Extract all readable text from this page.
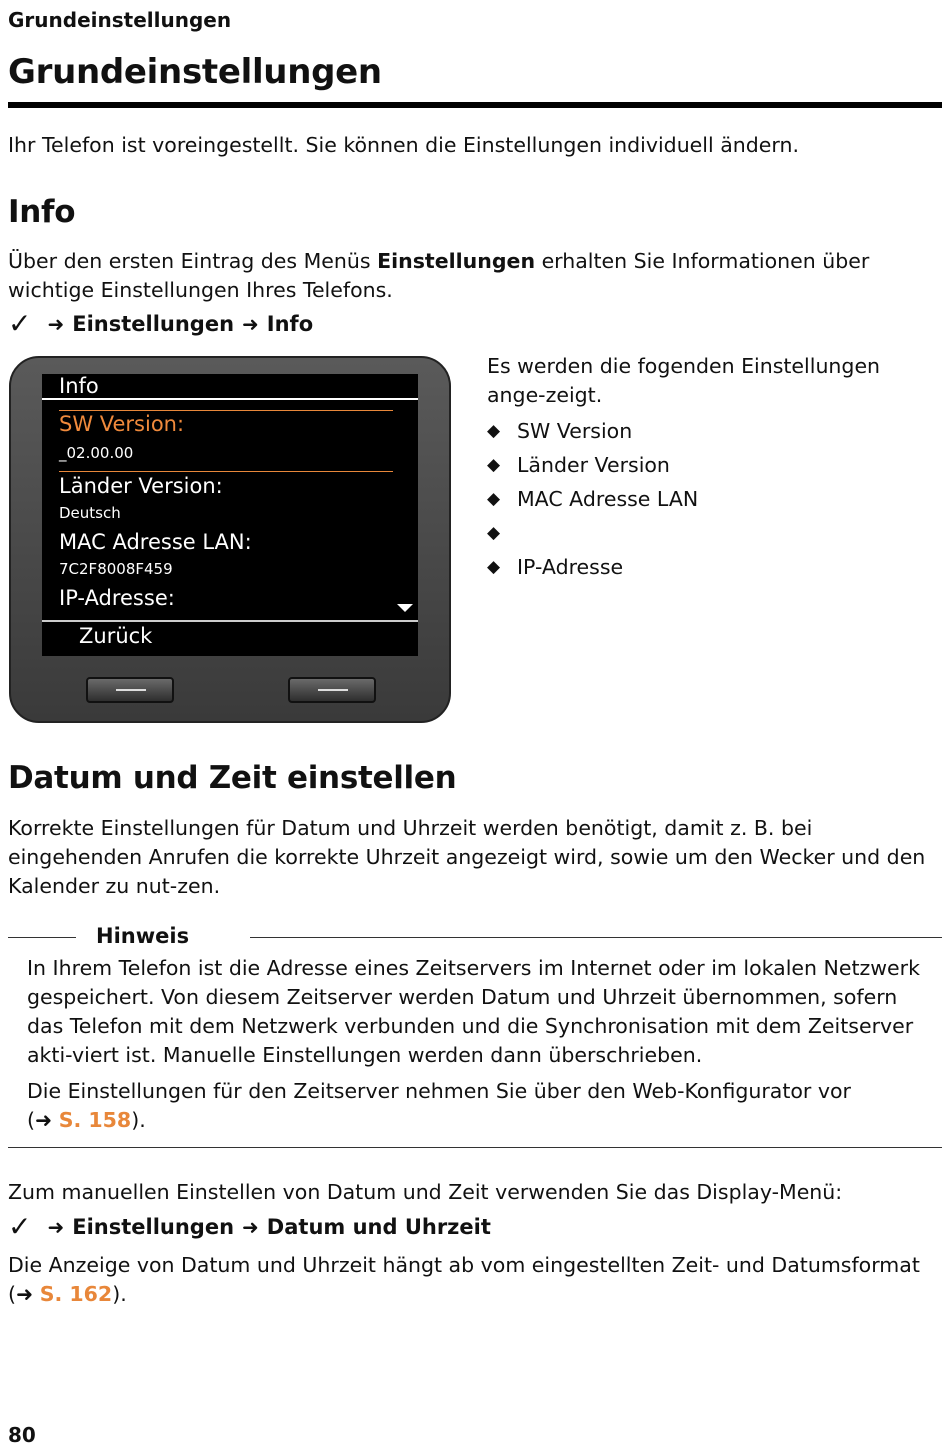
Grundeinstellungen
Grundeinstellungen
Ihr Telefon ist voreingestellt. Sie können die Einstellungen individuell ändern.
Info
Über den ersten Eintrag des Menüs Einstellungen erhalten Sie Informationen über wichtige Einstellungen Ihres Telefons.
✓ ➜ Einstellungen ➜ Info
Info
SW Version:
_02.00.00
Länder Version:
Deutsch
MAC Adresse LAN:
7C2F8008F459
IP-Adresse:
Zurück
Es werden die fogenden Einstellungen ange-zeigt.
◆ SW Version
◆ Länder Version
◆ MAC Adresse LAN
◆
◆ IP-Adresse
Datum und Zeit einstellen
Korrekte Einstellungen für Datum und Uhrzeit werden benötigt, damit z. B. bei eingehenden Anrufen die korrekte Uhrzeit angezeigt wird, sowie um den Wecker und den Kalender zu nut-zen.
Hinweis
In Ihrem Telefon ist die Adresse eines Zeitservers im Internet oder im lokalen Netzwerk gespeichert. Von diesem Zeitserver werden Datum und Uhrzeit übernommen, sofern das Telefon mit dem Netzwerk verbunden und die Synchronisation mit dem Zeitserver akti-viert ist. Manuelle Einstellungen werden dann überschrieben.
Die Einstellungen für den Zeitserver nehmen Sie über den Web-Konfigurator vor
(➜ S. 158).
Zum manuellen Einstellen von Datum und Zeit verwenden Sie das Display-Menü:
✓ ➜ Einstellungen ➜ Datum und Uhrzeit
Die Anzeige von Datum und Uhrzeit hängt ab vom eingestellten Zeit- und Datumsformat
(➜ S. 162).
80
